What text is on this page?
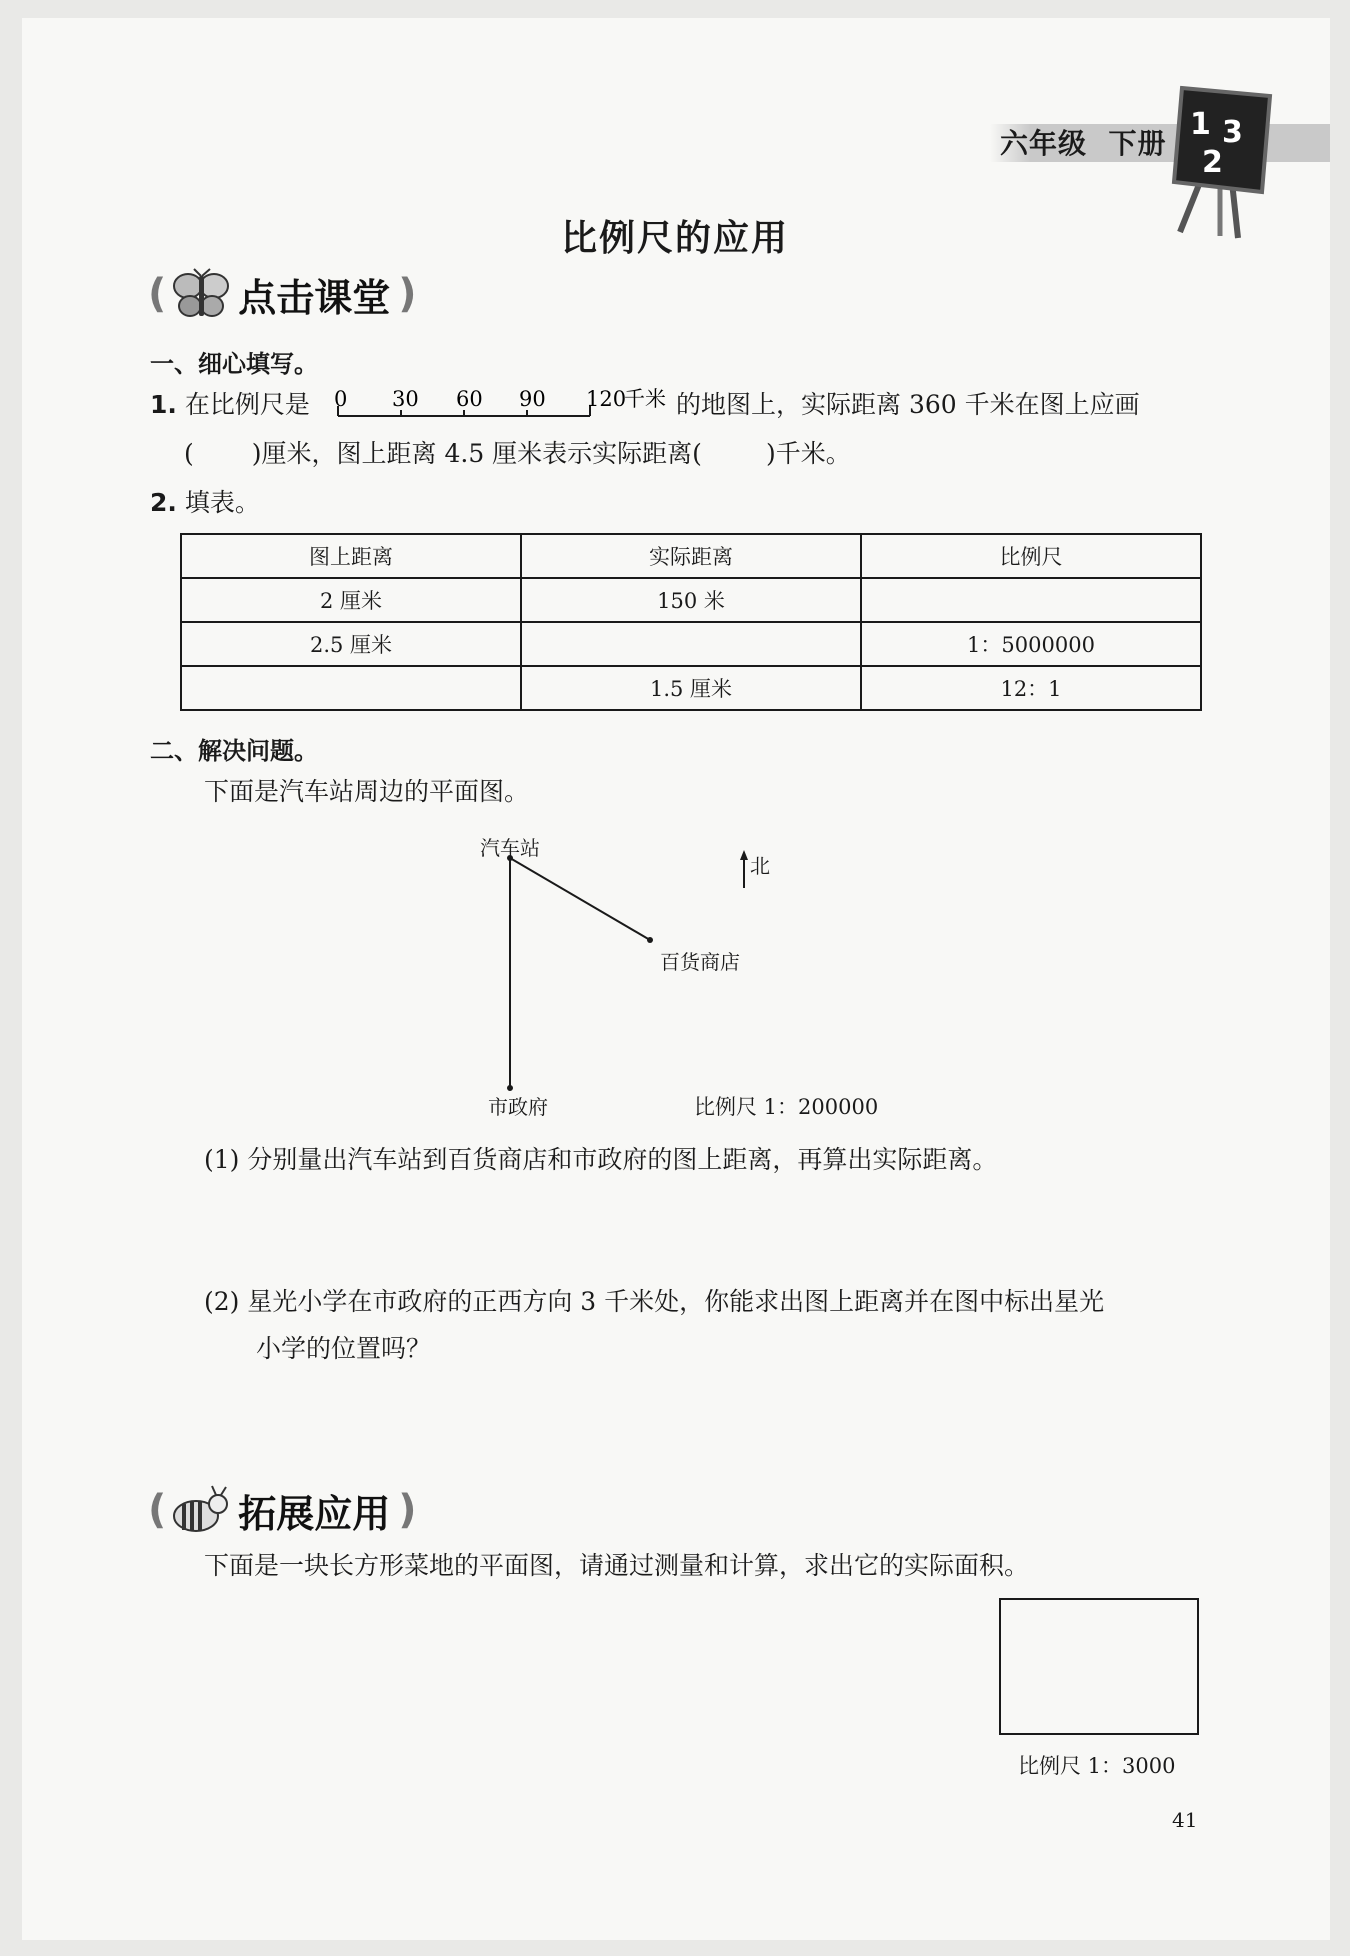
六年级 下册
1 3
2
比例尺的应用
( 点击课堂 )
一、细心填写。
1. 在比例尺是 0 30 60 90 120
千米 的地图上，实际距离 360 千米在图上应画
( )厘米，图上距离 4.5 厘米表示实际距离(	)千米。
2. 填表。
图上距离	实际距离	比例尺
2 厘米	150 米	
2.5 厘米		1：5000000
	1.5 厘米	12：1
二、解决问题。
下面是汽车站周边的平面图。
汽车站
北
百货商店
市政府	比例尺 1：200000
(1) 分别量出汽车站到百货商店和市政府的图上距离，再算出实际距离。
(2) 星光小学在市政府的正西方向 3 千米处，你能求出图上距离并在图中标出星光
小学的位置吗？
( 拓展应用 )
下面是一块长方形菜地的平面图，请通过测量和计算，求出它的实际面积。
比例尺 1：3000
41
